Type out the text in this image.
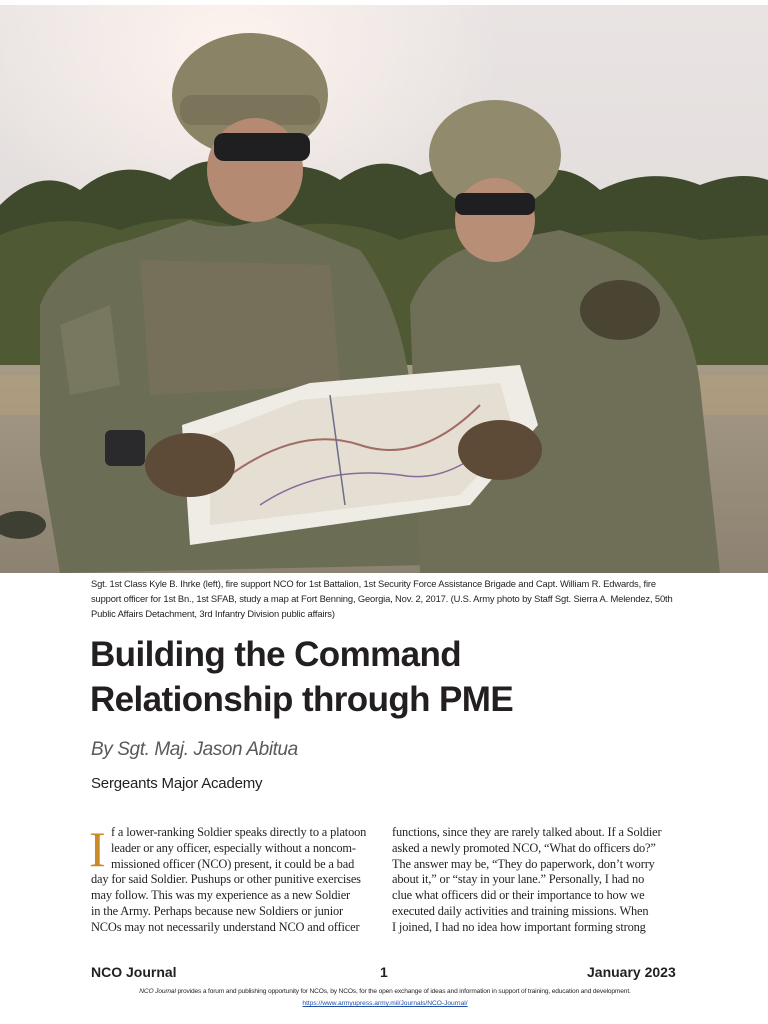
Sgt. 1st Class Kyle B. Ihrke (left), fire support NCO for 1st Battalion, 1st Security Force Assistance Brigade and Capt. William R. Edwards, fire support officer for 1st Bn., 1st SFAB, study a map at Fort Benning, Georgia, Nov. 2, 2017. (U.S. Army photo by Staff Sgt. Sierra A. Melendez, 50th Public Affairs Detachment, 3rd Infantry Division public affairs)
Building the Command
Relationship through PME

By Sgt. Maj. Jason Abitua

Sergeants Major Academy

I f a lower-ranking Soldier speaks directly to a platoon
leader or any officer, especially without a noncom-
missioned officer (NCO) present, it could be a bad
day for said Soldier. Pushups or other punitive exercises
may follow. This was my experience as a new Soldier
in the Army. Perhaps because new Soldiers or junior
NCOs may not necessarily understand NCO and officer
functions, since they are rarely talked about. If a Soldier
asked a newly promoted NCO, “What do officers do?”
The answer may be, “They do paperwork, don’t worry
about it,” or “stay in your lane.” Personally, I had no
clue what officers did or their importance to how we
executed daily activities and training missions. When
I joined, I had no idea how important forming strong

NCO Journal	1	January 2023

NCO Journal provides a forum and publishing opportunity for NCOs, by NCOs, for the open exchange of ideas and information in support of training, education and development.

https://www.armyupress.army.mil/Journals/NCO-Journal/
